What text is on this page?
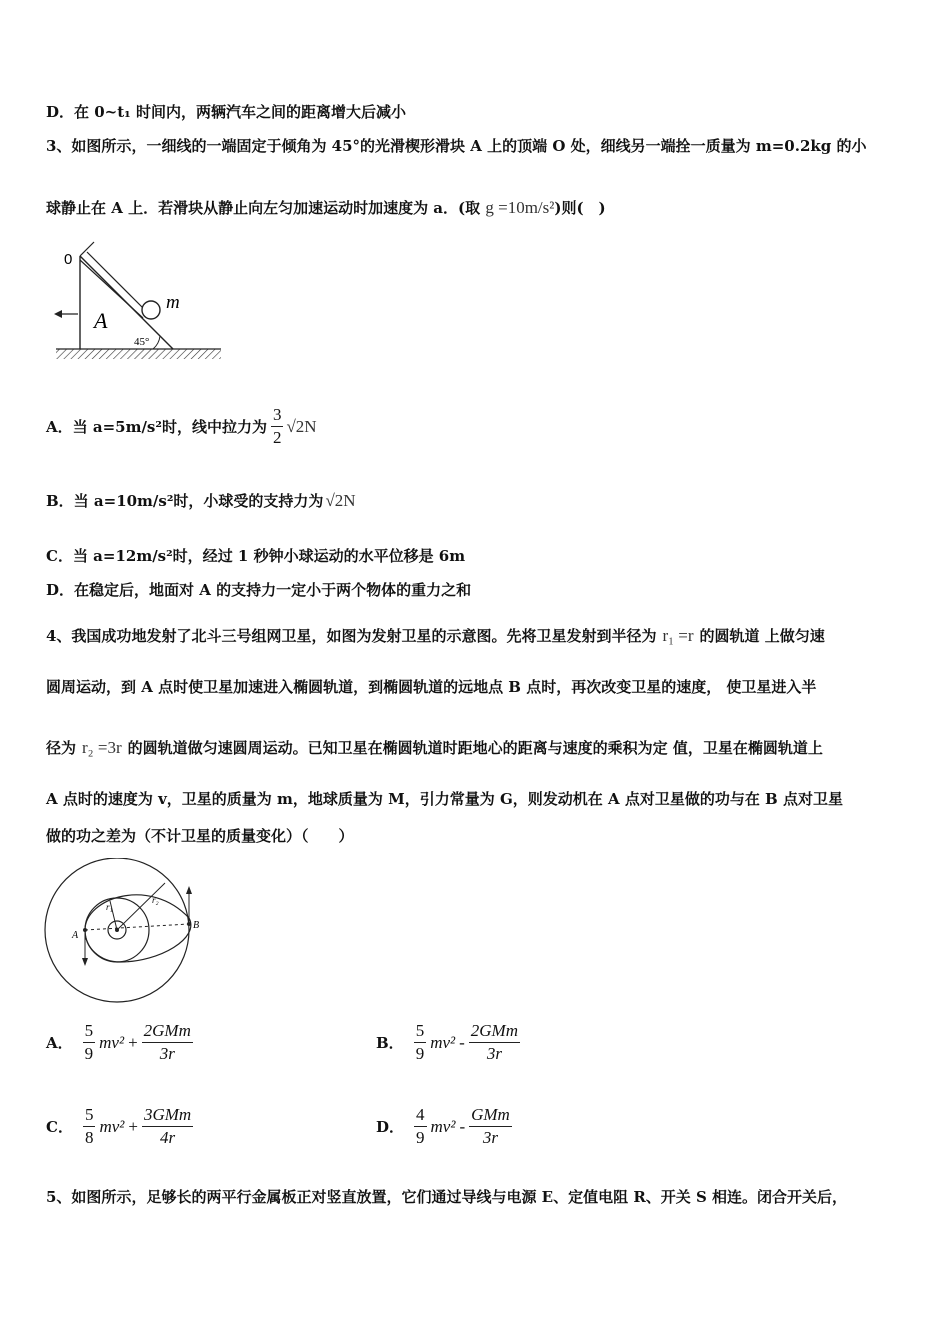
D．在 0~t₁ 时间内，两辆汽车之间的距离增大后减小
3、如图所示，一细线的一端固定于倾角为 45°的光滑楔形滑块 A 上的顶端 O 处，细线另一端拴一质量为 m=0.2kg 的小
球静止在 A 上．若滑块从静止向左匀加速运动时加速度为 a．(取 g =10m/s²)则(　)
0
A
m
45°
A．当 a=5m/s²时，线中拉力为 $\frac{3}{2} √2N$
B．当 a=10m/s²时，小球受的支持力为 √2N
C．当 a=12m/s²时，经过 1 秒钟小球运动的水平位移是 6m
D．在稳定后，地面对 A 的支持力一定小于两个物体的重力之和
4、我国成功地发射了北斗三号组网卫星，如图为发射卫星的示意图。先将卫星发射到半径为 r₁ =r 的圆轨道 上做匀速
圆周运动，到 A 点时使卫星加速进入椭圆轨道，到椭圆轨道的远地点 B 点时，再次改变卫星的速度， 使卫星进入半
径为 r₂ =3r 的圆轨道做匀速圆周运动。已知卫星在椭圆轨道时距地心的距离与速度的乘积为定 值，卫星在椭圆轨道上
A 点时的速度为 v，卫星的质量为 m，地球质量为 M，引力常量为 G，则发动机在 A 点对卫星做的功与在 B 点对卫星
做的功之差为（不计卫星的质量变化）（　　）
A
B
r₁
r₂
A． $\frac{5}{9} mv^2 + \frac{\text{2GMm}}{3r}$	B． $\frac{5}{9} mv^2 - \frac{\text{2GMm}}{3r}$
C． $\frac{5}{8} mv^2 + \frac{\text{3GMm}}{4r}$	D． $\frac{4}{9} mv^2 - \frac{\text{GMm}}{3r}$
5、如图所示，足够长的两平行金属板正对竖直放置，它们通过导线与电源 E、定值电阻 R、开关 S 相连。闭合开关后，
